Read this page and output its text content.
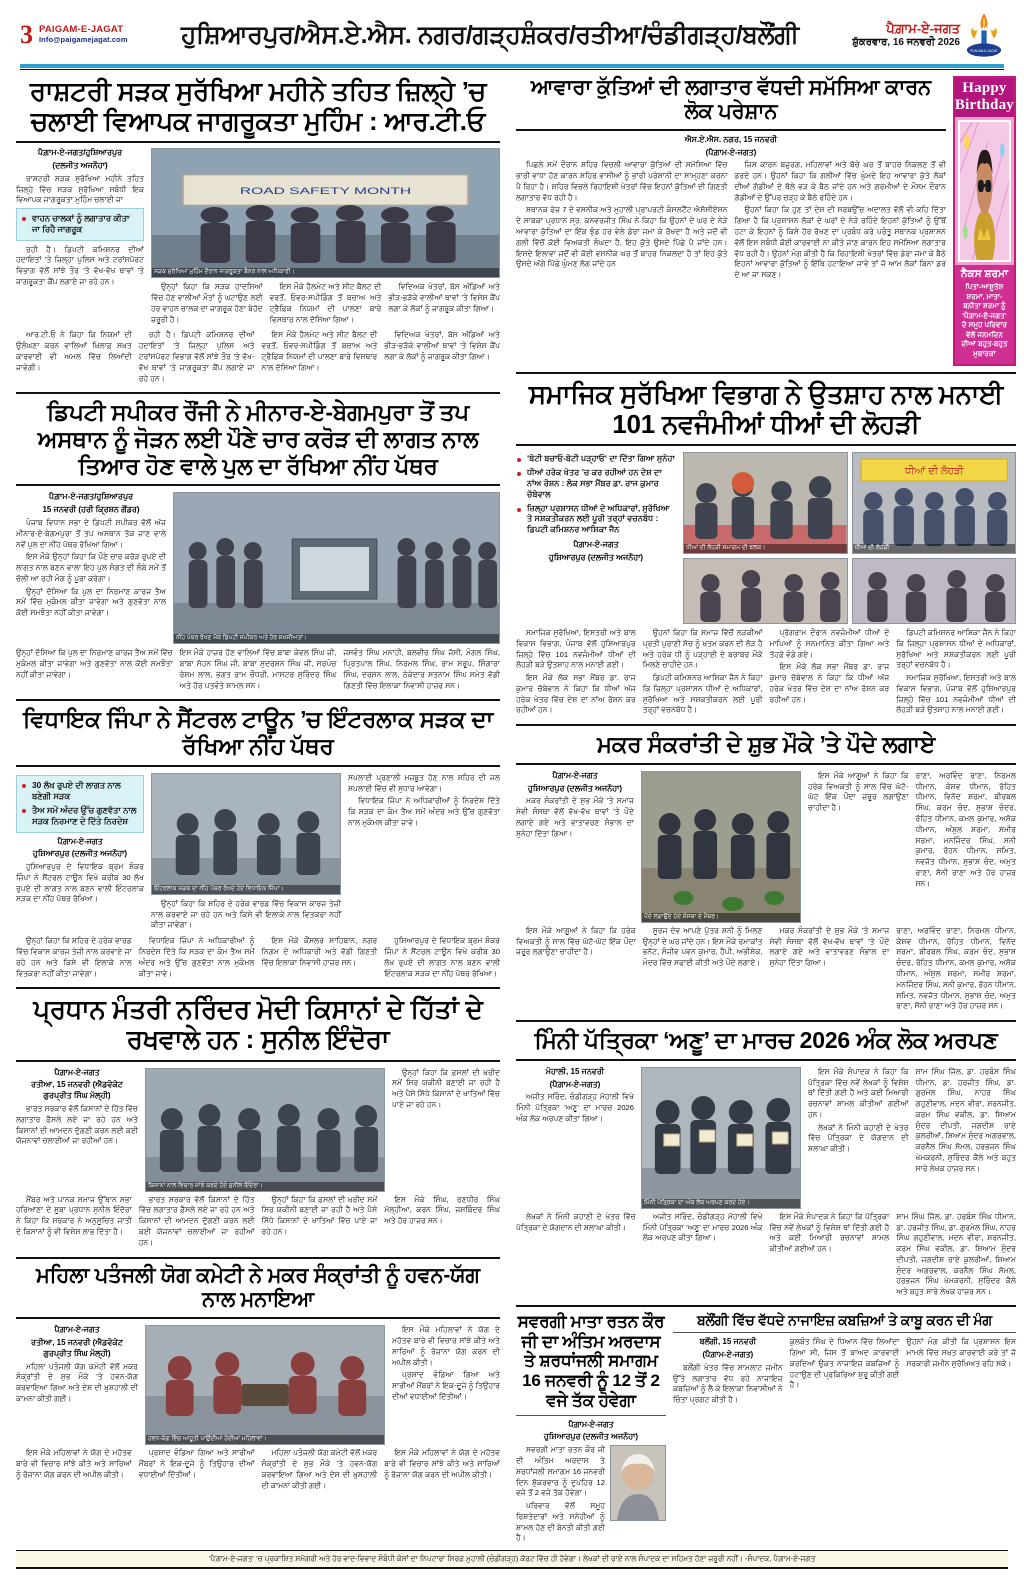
3 PAIGAM-E-JAGAT
Info@paigamejagat.com	ਹੁਸ਼ਿਆਰਪੁਰ/ਐਸ.ਏ.ਐਸ. ਨਗਰ/ਗੜ੍ਹਸ਼ੰਕਰ/ਰਤੀਆ/ਚੰਡੀਗੜ੍ਹ/ਬਲੌਂਗੀ	ਪੈਗ਼ਾਮ-ਏ-ਜਗਤ
ਸ਼ੁੱਕਰਵਾਰ, 16 ਜਨਵਰੀ 2026
PUNJAB-E-JAGAT
ਰਾਸ਼ਟਰੀ ਸੜਕ ਸੁਰੱਖਿਆ ਮਹੀਨੇ ਤਹਿਤ ਜ਼ਿਲ੍ਹੇ ’ਚ ਚਲਾਈ ਵਿਆਪਕ ਜਾਗਰੂਕਤਾ ਮੁਹਿੰਮ : ਆਰ.ਟੀ.ਓ
ਪੈਗ਼ਾਮ-ਏ-ਜਗਤ/ਹੁਸ਼ਿਆਰਪੁਰ
(ਦਲਜੀਤ ਅਜਨੌਹਾ)

ਰਾਸ਼ਟਰੀ ਸੜਕ ਸੁਰੱਖਿਆ ਮਹੀਨੇ ਤਹਿਤ ਜ਼ਿਲ੍ਹੇ ਵਿੱਚ ਸੜਕ ਸੁਰੱਖਿਆ ਸਬੰਧੀ ਇਕ ਵਿਆਪਕ ਜਾਗਰੂਕਤਾ ਮੁਹਿੰਮ ਚਲਾਈ ਜਾ

ਵਾਹਨ ਚਾਲਕਾਂ ਨੂੰ ਲਗਾਤਾਰ ਕੀਤਾ ਜਾ ਰਿਹੈ ਜਾਗਰੂਕ

ਰਹੀ ਹੈ। ਡਿਪਟੀ ਕਮਿਸ਼ਨਰ ਦੀਆਂ ਹਦਾਇਤਾਂ ’ਤੇ ਜ਼ਿਲ੍ਹਾ ਪੁਲਿਸ ਅਤੇ ਟਰਾਂਸਪੋਰਟ ਵਿਭਾਗ ਵੱਲੋਂ ਸਾਂਝੇ ਤੌਰ ’ਤੇ ਵੱਖ-ਵੱਖ ਥਾਵਾਂ ’ਤੇ ਜਾਗਰੂਕਤਾ ਕੈਂਪ ਲਗਾਏ ਜਾ ਰਹੇ ਹਨ।

ROAD SAFETY MONTH
ਸੜਕ ਸੁਰੱਖਿਆ ਮੁਹਿੰਮ ਦੌਰਾਨ ਜਾਗਰੂਕਤਾ ਬੈਨਰ ਨਾਲ ਅਧਿਕਾਰੀ।

ਉਨ੍ਹਾਂ ਕਿਹਾ ਕਿ ਸੜਕ ਹਾਦਸਿਆਂ ਵਿੱਚ ਹੋਣ ਵਾਲੀਆਂ ਮੌਤਾਂ ਨੂੰ ਘਟਾਉਣ ਲਈ ਹਰ ਵਾਹਨ ਚਾਲਕ ਦਾ ਜਾਗਰੂਕ ਹੋਣਾ ਬੇਹੱਦ ਜ਼ਰੂਰੀ ਹੈ।

ਇਸ ਮੌਕੇ ਹੈਲਮੇਟ ਅਤੇ ਸੀਟ ਬੈਲਟ ਦੀ ਵਰਤੋਂ, ਓਵਰ-ਸਪੀਡਿੰਗ ਤੋਂ ਬਚਾਅ ਅਤੇ ਟ੍ਰੈਫਿਕ ਨਿਯਮਾਂ ਦੀ ਪਾਲਣਾ ਬਾਰੇ ਵਿਸਥਾਰ ਨਾਲ ਦੱਸਿਆ ਗਿਆ।

ਵਿਦਿਅਕ ਖੇਤਰਾਂ, ਬੱਸ ਅੱਡਿਆਂ ਅਤੇ ਭੀੜ-ਭੜੱਕੇ ਵਾਲੀਆਂ ਥਾਵਾਂ ’ਤੇ ਵਿਸ਼ੇਸ਼ ਕੈਂਪ ਲਗਾ ਕੇ ਲੋਕਾਂ ਨੂੰ ਜਾਗਰੂਕ ਕੀਤਾ ਗਿਆ।

ਆਰ.ਟੀ.ਓ ਨੇ ਕਿਹਾ ਕਿ ਨਿਯਮਾਂ ਦੀ ਉਲੰਘਣਾ ਕਰਨ ਵਾਲਿਆਂ ਖ਼ਿਲਾਫ਼ ਸਖ਼ਤ ਕਾਰਵਾਈ ਵੀ ਅਮਲ ਵਿੱਚ ਲਿਆਂਦੀ ਜਾਵੇਗੀ।

ਰਹੀ ਹੈ। ਡਿਪਟੀ ਕਮਿਸ਼ਨਰ ਦੀਆਂ ਹਦਾਇਤਾਂ ’ਤੇ ਜ਼ਿਲ੍ਹਾ ਪੁਲਿਸ ਅਤੇ ਟਰਾਂਸਪੋਰਟ ਵਿਭਾਗ ਵੱਲੋਂ ਸਾਂਝੇ ਤੌਰ ’ਤੇ ਵੱਖ-ਵੱਖ ਥਾਵਾਂ ’ਤੇ ਜਾਗਰੂਕਤਾ ਕੈਂਪ ਲਗਾਏ ਜਾ ਰਹੇ ਹਨ।

ਇਸ ਮੌਕੇ ਹੈਲਮੇਟ ਅਤੇ ਸੀਟ ਬੈਲਟ ਦੀ ਵਰਤੋਂ, ਓਵਰ-ਸਪੀਡਿੰਗ ਤੋਂ ਬਚਾਅ ਅਤੇ ਟ੍ਰੈਫਿਕ ਨਿਯਮਾਂ ਦੀ ਪਾਲਣਾ ਬਾਰੇ ਵਿਸਥਾਰ ਨਾਲ ਦੱਸਿਆ ਗਿਆ।

ਵਿਦਿਅਕ ਖੇਤਰਾਂ, ਬੱਸ ਅੱਡਿਆਂ ਅਤੇ ਭੀੜ-ਭੜੱਕੇ ਵਾਲੀਆਂ ਥਾਵਾਂ ’ਤੇ ਵਿਸ਼ੇਸ਼ ਕੈਂਪ ਲਗਾ ਕੇ ਲੋਕਾਂ ਨੂੰ ਜਾਗਰੂਕ ਕੀਤਾ ਗਿਆ।

ਡਿਪਟੀ ਸਪੀਕਰ ਰੌਂਜੀ ਨੇ ਮੀਨਾਰ-ਏ-ਬੇਗਮਪੁਰਾ ਤੋਂ ਤਪ ਅਸਥਾਨ ਨੂੰ ਜੋੜਨ ਲਈ ਪੌਣੇ ਚਾਰ ਕਰੋੜ ਦੀ ਲਾਗਤ ਨਾਲ ਤਿਆਰ ਹੋਣ ਵਾਲੇ ਪੁਲ ਦਾ ਰੱਖਿਆ ਨੀਂਹ ਪੱਥਰ
ਪੈਗ਼ਾਮ-ਏ-ਜਗਤ/ਹੁਸ਼ਿਆਰਪੁਰ
15 ਜਨਵਰੀ (ਹਰੀ ਕ੍ਰਿਸ਼ਨ ਗੌਂਡਰ)

ਪੰਜਾਬ ਵਿਧਾਨ ਸਭਾ ਦੇ ਡਿਪਟੀ ਸਪੀਕਰ ਵੱਲੋਂ ਅੱਜ ਮੀਨਾਰ-ਏ-ਬੇਗਮਪੁਰਾ ਤੋਂ ਤਪ ਅਸਥਾਨ ਤੱਕ ਜਾਣ ਵਾਲੇ ਨਵੇਂ ਪੁਲ ਦਾ ਨੀਂਹ ਪੱਥਰ ਰੱਖਿਆ ਗਿਆ।

ਇਸ ਮੌਕੇ ਉਨ੍ਹਾਂ ਕਿਹਾ ਕਿ ਪੌਣੇ ਚਾਰ ਕਰੋੜ ਰੁਪਏ ਦੀ ਲਾਗਤ ਨਾਲ ਬਣਨ ਵਾਲਾ ਇਹ ਪੁਲ ਸੰਗਤ ਦੀ ਲੰਬੇ ਸਮੇਂ ਤੋਂ ਚੱਲੀ ਆ ਰਹੀ ਮੰਗ ਨੂੰ ਪੂਰਾ ਕਰੇਗਾ।

ਉਨ੍ਹਾਂ ਦੱਸਿਆ ਕਿ ਪੁਲ ਦਾ ਨਿਰਮਾਣ ਕਾਰਜ ਤੈਅ ਸਮੇਂ ਵਿੱਚ ਮੁਕੰਮਲ ਕੀਤਾ ਜਾਵੇਗਾ ਅਤੇ ਗੁਣਵੱਤਾ ਨਾਲ ਕੋਈ ਸਮਝੌਤਾ ਨਹੀਂ ਕੀਤਾ ਜਾਵੇਗਾ।

ਨੀਂਹ ਪੱਥਰ ਰੱਖਣ ਮੌਕੇ ਡਿਪਟੀ ਸਪੀਕਰ ਅਤੇ ਹੋਰ ਸ਼ਖ਼ਸੀਅਤਾਂ।

ਉਨ੍ਹਾਂ ਦੱਸਿਆ ਕਿ ਪੁਲ ਦਾ ਨਿਰਮਾਣ ਕਾਰਜ ਤੈਅ ਸਮੇਂ ਵਿੱਚ ਮੁਕੰਮਲ ਕੀਤਾ ਜਾਵੇਗਾ ਅਤੇ ਗੁਣਵੱਤਾ ਨਾਲ ਕੋਈ ਸਮਝੌਤਾ ਨਹੀਂ ਕੀਤਾ ਜਾਵੇਗਾ।

ਇਸ ਮੌਕੇ ਹਾਜ਼ਰ ਹੋਣ ਵਾਲਿਆਂ ਵਿੱਚ ਬਾਬਾ ਕੇਵਲ ਸਿੰਘ ਜੀ, ਬਾਬਾ ਸੋਹਨ ਸਿੰਘ ਜੀ, ਬਾਬਾ ਸੁਦਰਸ਼ਨ ਸਿੰਘ ਜੀ, ਸਰਪੰਚ ਰੇਸ਼ਮ ਲਾਲ, ਭਗਤ ਰਾਮ ਚੌਧਰੀ, ਮਾਸਟਰ ਸੁਰਿੰਦਰ ਸਿੰਘ ਅਤੇ ਹੋਰ ਪਤਵੰਤੇ ਸ਼ਾਮਲ ਸਨ।

ਜਸਵੰਤ ਸਿੰਘ ਮਨਾਹੀ, ਬਲਵੀਰ ਸਿੰਘ ਜੱਸੀ, ਮੰਗਲ ਸਿੰਘ, ਪ੍ਰਿਤਪਾਲ ਸਿੰਘ, ਨਿਰਮਲ ਸਿੰਘ, ਰਾਮ ਸਰੂਪ, ਸ਼ਿੰਗਾਰਾ ਸਿੰਘ, ਦਰਸ਼ਨ ਲਾਲ, ਠੇਕੇਦਾਰ ਸਤਨਾਮ ਸਿੰਘ ਸਮੇਤ ਵੱਡੀ ਗਿਣਤੀ ਵਿੱਚ ਇਲਾਕਾ ਨਿਵਾਸੀ ਹਾਜ਼ਰ ਸਨ।

ਵਿਧਾਇਕ ਜਿੰਪਾ ਨੇ ਸੈਂਟਰਲ ਟਾਊਨ ’ਚ ਇੰਟਰਲਾਕ ਸੜਕ ਦਾ ਰੱਖਿਆ ਨੀਂਹ ਪੱਥਰ
30 ਲੱਖ ਰੁਪਏ ਦੀ ਲਾਗਤ ਨਾਲ ਬਣੇਗੀ ਸੜਕ
ਤੈਅ ਸਮੇਂ ਅੰਦਰ ਉੱਚ ਗੁਣਵੱਤਾ ਨਾਲ ਸੜਕ ਨਿਰਮਾਣ ਦੇ ਦਿੱਤੇ ਨਿਰਦੇਸ਼
ਪੈਗ਼ਾਮ-ਏ-ਜਗਤ
ਹੁਸ਼ਿਆਰਪੁਰ (ਦਲਜੀਤ ਅਜਨੌਹਾ)

ਹੁਸ਼ਿਆਰਪੁਰ ਦੇ ਵਿਧਾਇਕ ਬ੍ਰਮ ਸ਼ੰਕਰ ਜਿੰਪਾ ਨੇ ਸੈਂਟਰਲ ਟਾਊਨ ਵਿਖੇ ਕਰੀਬ 30 ਲੱਖ ਰੁਪਏ ਦੀ ਲਾਗਤ ਨਾਲ ਬਣਨ ਵਾਲੀ ਇੰਟਰਲਾਕ ਸੜਕ ਦਾ ਨੀਂਹ ਪੱਥਰ ਰੱਖਿਆ।

ਇੰਟਰਲਾਕ ਸੜਕ ਦਾ ਨੀਂਹ ਪੱਥਰ ਰੱਖਦੇ ਹੋਏ ਵਿਧਾਇਕ ਜਿੰਪਾ।

ਉਨ੍ਹਾਂ ਕਿਹਾ ਕਿ ਸ਼ਹਿਰ ਦੇ ਹਰੇਕ ਵਾਰਡ ਵਿੱਚ ਵਿਕਾਸ ਕਾਰਜ ਤੇਜ਼ੀ ਨਾਲ ਕਰਵਾਏ ਜਾ ਰਹੇ ਹਨ ਅਤੇ ਕਿਸੇ ਵੀ ਇਲਾਕੇ ਨਾਲ ਵਿਤਕਰਾ ਨਹੀਂ ਕੀਤਾ ਜਾਵੇਗਾ।

ਸਪਲਾਈ ਪ੍ਰਣਾਲੀ ਮਜ਼ਬੂਤ ਹੋਣ ਨਾਲ ਸ਼ਹਿਰ ਦੀ ਜਲ ਸਪਲਾਈ ਵਿੱਚ ਵੀ ਸੁਧਾਰ ਆਵੇਗਾ।

ਵਿਧਾਇਕ ਜਿੰਪਾ ਨੇ ਅਧਿਕਾਰੀਆਂ ਨੂੰ ਨਿਰਦੇਸ਼ ਦਿੱਤੇ ਕਿ ਸੜਕ ਦਾ ਕੰਮ ਤੈਅ ਸਮੇਂ ਅੰਦਰ ਅਤੇ ਉੱਚ ਗੁਣਵੱਤਾ ਨਾਲ ਮੁਕੰਮਲ ਕੀਤਾ ਜਾਵੇ।

ਉਨ੍ਹਾਂ ਕਿਹਾ ਕਿ ਸ਼ਹਿਰ ਦੇ ਹਰੇਕ ਵਾਰਡ ਵਿੱਚ ਵਿਕਾਸ ਕਾਰਜ ਤੇਜ਼ੀ ਨਾਲ ਕਰਵਾਏ ਜਾ ਰਹੇ ਹਨ ਅਤੇ ਕਿਸੇ ਵੀ ਇਲਾਕੇ ਨਾਲ ਵਿਤਕਰਾ ਨਹੀਂ ਕੀਤਾ ਜਾਵੇਗਾ।

ਵਿਧਾਇਕ ਜਿੰਪਾ ਨੇ ਅਧਿਕਾਰੀਆਂ ਨੂੰ ਨਿਰਦੇਸ਼ ਦਿੱਤੇ ਕਿ ਸੜਕ ਦਾ ਕੰਮ ਤੈਅ ਸਮੇਂ ਅੰਦਰ ਅਤੇ ਉੱਚ ਗੁਣਵੱਤਾ ਨਾਲ ਮੁਕੰਮਲ ਕੀਤਾ ਜਾਵੇ।

ਇਸ ਮੌਕੇ ਕੌਂਸਲਰ ਸਾਹਿਬਾਨ, ਨਗਰ ਨਿਗਮ ਦੇ ਅਧਿਕਾਰੀ ਅਤੇ ਵੱਡੀ ਗਿਣਤੀ ਵਿੱਚ ਇਲਾਕਾ ਨਿਵਾਸੀ ਹਾਜ਼ਰ ਸਨ।

ਹੁਸ਼ਿਆਰਪੁਰ ਦੇ ਵਿਧਾਇਕ ਬ੍ਰਮ ਸ਼ੰਕਰ ਜਿੰਪਾ ਨੇ ਸੈਂਟਰਲ ਟਾਊਨ ਵਿਖੇ ਕਰੀਬ 30 ਲੱਖ ਰੁਪਏ ਦੀ ਲਾਗਤ ਨਾਲ ਬਣਨ ਵਾਲੀ ਇੰਟਰਲਾਕ ਸੜਕ ਦਾ ਨੀਂਹ ਪੱਥਰ ਰੱਖਿਆ।

ਪ੍ਰਧਾਨ ਮੰਤਰੀ ਨਰਿੰਦਰ ਮੋਦੀ ਕਿਸਾਨਾਂ ਦੇ ਹਿੱਤਾਂ ਦੇ ਰਖਵਾਲੇ ਹਨ : ਸੁਨੀਲ ਇੰਦੋਰਾ
ਪੈਗ਼ਾਮ-ਏ-ਜਗਤ
ਰਤੀਆ, 15 ਜਨਵਰੀ (ਐਡਵੋਕੇਟ ਗੁਰਪ੍ਰੀਤ ਸਿੰਘ ਮੱਲ੍ਹੀ)

ਭਾਰਤ ਸਰਕਾਰ ਵੱਲੋਂ ਕਿਸਾਨਾਂ ਦੇ ਹਿੱਤ ਵਿੱਚ ਲਗਾਤਾਰ ਫ਼ੈਸਲੇ ਲਏ ਜਾ ਰਹੇ ਹਨ ਅਤੇ ਕਿਸਾਨਾਂ ਦੀ ਆਮਦਨ ਦੁੱਗਣੀ ਕਰਨ ਲਈ ਕਈ ਯੋਜਨਾਵਾਂ ਚਲਾਈਆਂ ਜਾ ਰਹੀਆਂ ਹਨ।

ਕਿਸਾਨਾਂ ਨਾਲ ਵਿਚਾਰ ਸਾਂਝੇ ਕਰਦੇ ਹੋਏ ਸੁਨੀਲ ਇੰਦੋਰਾ।

ਉਨ੍ਹਾਂ ਕਿਹਾ ਕਿ ਫ਼ਸਲਾਂ ਦੀ ਖ਼ਰੀਦ ਸਮੇਂ ਸਿਰ ਯਕੀਨੀ ਬਣਾਈ ਜਾ ਰਹੀ ਹੈ ਅਤੇ ਪੈਸੇ ਸਿੱਧੇ ਕਿਸਾਨਾਂ ਦੇ ਖਾਤਿਆਂ ਵਿੱਚ ਪਾਏ ਜਾ ਰਹੇ ਹਨ।

ਮੈਂਬਰ ਅਤੇ ਪਾਨਕ ਸਮਾਜ ਉੱਥਾਨ ਸਭਾ ਹਰਿਆਣਾ ਦੇ ਸੂਬਾ ਪ੍ਰਧਾਨ ਸੁਨੀਲ ਇੰਦੋਰਾ ਨੇ ਕਿਹਾ ਕਿ ਸਰਕਾਰ ਨੇ ਅਨੁਸੂਚਿਤ ਜਾਤੀ ਦੇ ਕਿਸਾਨਾਂ ਨੂੰ ਵੀ ਵਿਸ਼ੇਸ਼ ਲਾਭ ਦਿੱਤਾ ਹੈ।

ਭਾਰਤ ਸਰਕਾਰ ਵੱਲੋਂ ਕਿਸਾਨਾਂ ਦੇ ਹਿੱਤ ਵਿੱਚ ਲਗਾਤਾਰ ਫ਼ੈਸਲੇ ਲਏ ਜਾ ਰਹੇ ਹਨ ਅਤੇ ਕਿਸਾਨਾਂ ਦੀ ਆਮਦਨ ਦੁੱਗਣੀ ਕਰਨ ਲਈ ਕਈ ਯੋਜਨਾਵਾਂ ਚਲਾਈਆਂ ਜਾ ਰਹੀਆਂ ਹਨ।

ਉਨ੍ਹਾਂ ਕਿਹਾ ਕਿ ਫ਼ਸਲਾਂ ਦੀ ਖ਼ਰੀਦ ਸਮੇਂ ਸਿਰ ਯਕੀਨੀ ਬਣਾਈ ਜਾ ਰਹੀ ਹੈ ਅਤੇ ਪੈਸੇ ਸਿੱਧੇ ਕਿਸਾਨਾਂ ਦੇ ਖਾਤਿਆਂ ਵਿੱਚ ਪਾਏ ਜਾ ਰਹੇ ਹਨ।

ਇਸ ਮੌਕੇ ਸਿੰਘ, ਰਣਧੀਰ ਸਿੰਘ ਮੱਲ੍ਹੀਆ, ਕਰਨ ਸਿੰਘ, ਜਸਬਿੰਦਰ ਸਿੰਘ ਅਤੇ ਹੋਰ ਹਾਜ਼ਰ ਸਨ।

ਮਹਿਲਾ ਪਤੰਜਲੀ ਯੋਗ ਕਮੇਟੀ ਨੇ ਮਕਰ ਸੰਕ੍ਰਾਂਤੀ ਨੂੰ ਹਵਨ-ਯੱਗ ਨਾਲ ਮਨਾਇਆ
ਪੈਗ਼ਾਮ-ਏ-ਜਗਤ
ਰਤੀਆ, 15 ਜਨਵਰੀ (ਐਡਵੋਕੇਟ ਗੁਰਪ੍ਰੀਤ ਸਿੰਘ ਮੱਲ੍ਹੀ)

ਮਹਿਲਾ ਪਤੰਜਲੀ ਯੋਗ ਕਮੇਟੀ ਵੱਲੋਂ ਮਕਰ ਸੰਕ੍ਰਾਂਤੀ ਦੇ ਸ਼ੁਭ ਮੌਕੇ ’ਤੇ ਹਵਨ-ਯੱਗ ਕਰਵਾਇਆ ਗਿਆ ਅਤੇ ਦੇਸ਼ ਦੀ ਖ਼ੁਸ਼ਹਾਲੀ ਦੀ ਕਾਮਨਾ ਕੀਤੀ ਗਈ।

ਹਵਨ-ਯੱਗ ਵਿੱਚ ਆਹੂਤੀ ਪਾਉਂਦੀਆਂ ਹੋਈਆਂ ਮਹਿਲਾਵਾਂ।

ਇਸ ਮੌਕੇ ਮਹਿਲਾਵਾਂ ਨੇ ਯੋਗ ਦੇ ਮਹੱਤਵ ਬਾਰੇ ਵੀ ਵਿਚਾਰ ਸਾਂਝੇ ਕੀਤੇ ਅਤੇ ਸਾਰਿਆਂ ਨੂੰ ਰੋਜ਼ਾਨਾ ਯੋਗ ਕਰਨ ਦੀ ਅਪੀਲ ਕੀਤੀ।

ਪ੍ਰਸ਼ਾਦ ਵੰਡਿਆ ਗਿਆ ਅਤੇ ਸਾਰੀਆਂ ਮੈਂਬਰਾਂ ਨੇ ਇਕ-ਦੂਜੇ ਨੂੰ ਤਿਉਹਾਰ ਦੀਆਂ ਵਧਾਈਆਂ ਦਿੱਤੀਆਂ।

ਇਸ ਮੌਕੇ ਮਹਿਲਾਵਾਂ ਨੇ ਯੋਗ ਦੇ ਮਹੱਤਵ ਬਾਰੇ ਵੀ ਵਿਚਾਰ ਸਾਂਝੇ ਕੀਤੇ ਅਤੇ ਸਾਰਿਆਂ ਨੂੰ ਰੋਜ਼ਾਨਾ ਯੋਗ ਕਰਨ ਦੀ ਅਪੀਲ ਕੀਤੀ।

ਪ੍ਰਸ਼ਾਦ ਵੰਡਿਆ ਗਿਆ ਅਤੇ ਸਾਰੀਆਂ ਮੈਂਬਰਾਂ ਨੇ ਇਕ-ਦੂਜੇ ਨੂੰ ਤਿਉਹਾਰ ਦੀਆਂ ਵਧਾਈਆਂ ਦਿੱਤੀਆਂ।

ਮਹਿਲਾ ਪਤੰਜਲੀ ਯੋਗ ਕਮੇਟੀ ਵੱਲੋਂ ਮਕਰ ਸੰਕ੍ਰਾਂਤੀ ਦੇ ਸ਼ੁਭ ਮੌਕੇ ’ਤੇ ਹਵਨ-ਯੱਗ ਕਰਵਾਇਆ ਗਿਆ ਅਤੇ ਦੇਸ਼ ਦੀ ਖ਼ੁਸ਼ਹਾਲੀ ਦੀ ਕਾਮਨਾ ਕੀਤੀ ਗਈ।

ਇਸ ਮੌਕੇ ਮਹਿਲਾਵਾਂ ਨੇ ਯੋਗ ਦੇ ਮਹੱਤਵ ਬਾਰੇ ਵੀ ਵਿਚਾਰ ਸਾਂਝੇ ਕੀਤੇ ਅਤੇ ਸਾਰਿਆਂ ਨੂੰ ਰੋਜ਼ਾਨਾ ਯੋਗ ਕਰਨ ਦੀ ਅਪੀਲ ਕੀਤੀ।

ਆਵਾਰਾ ਕੁੱਤਿਆਂ ਦੀ ਲਗਾਤਾਰ ਵੱਧਦੀ ਸਮੱਸਿਆ ਕਾਰਨ ਲੋਕ ਪਰੇਸ਼ਾਨ
ਐਸ.ਏ.ਐਸ. ਨਗਰ, 15 ਜਨਵਰੀ
(ਪੈਗ਼ਾਮ-ਏ-ਜਗਤ)

ਪਿਛਲੇ ਸਮੇਂ ਦੌਰਾਨ ਸ਼ਹਿਰ ਵਿਚਲੀ ਆਵਾਰਾ ਕੁੱਤਿਆਂ ਦੀ ਸਮੱਸਿਆ ਵਿੱਚ ਭਾਰੀ ਵਾਧਾ ਹੋਣ ਕਾਰਨ ਸ਼ਹਿਰ ਵਾਸੀਆਂ ਨੂੰ ਭਾਰੀ ਪਰੇਸ਼ਾਨੀ ਦਾ ਸਾਮ੍ਹਣਾ ਕਰਨਾ ਪੈ ਰਿਹਾ ਹੈ। ਸ਼ਹਿਰ ਵਿਚਲੇ ਰਿਹਾਇਸ਼ੀ ਖੇਤਰਾਂ ਵਿੱਚ ਇਹਨਾਂ ਕੁੱਤਿਆਂ ਦੀ ਗਿਣਤੀ ਲਗਾਤਾਰ ਵੱਧ ਰਹੀ ਹੈ।

ਸਥਾਨਕ ਫੇਜ਼ 7 ਦੇ ਵਸਨੀਕ ਅਤੇ ਮੁਹਾਲੀ ਪ੍ਰਾਪਰਟੀ ਕੰਸਲਟੈਂਟ ਐਸੋਸੀਏਸ਼ਨ ਦੇ ਸਾਬਕਾ ਪ੍ਰਧਾਨ ਸ੍ਰ. ਕਨਵਰਜੀਤ ਸਿੰਘ ਨੇ ਕਿਹਾ ਕਿ ਉਹਨਾਂ ਦੇ ਘਰ ਦੇ ਨੇੜੇ ਆਵਾਰਾ ਕੁੱਤਿਆਂ ਦਾ ਇੱਕ ਝੁੰਡ ਹਰ ਵੇਲੇ ਡੇਰਾ ਜਮਾ ਕੇ ਰੱਖਦਾ ਹੈ ਅਤੇ ਜਦੋਂ ਵੀ ਗਲੀ ਵਿੱਚੋਂ ਕੋਈ ਵਿਅਕਤੀ ਲੰਘਦਾ ਹੈ, ਇਹ ਕੁੱਤੇ ਉਸਦੇ ਪਿੱਛੇ ਪੈ ਜਾਂਦੇ ਹਨ। ਇਸਦੇ ਇਲਾਵਾ ਜਦੋਂ ਵੀ ਕੋਈ ਵਸਨੀਕ ਘਰ ਤੋਂ ਬਾਹਰ ਨਿਕਲਦਾ ਹੈ ਤਾਂ ਇਹ ਕੁੱਤੇ ਉਸਦੇ ਅੱਗੇ ਪਿੱਛੇ ਘੁੰਮਣ ਲੱਗ ਜਾਂਦੇ ਹਨ

ਜਿਸ ਕਾਰਨ ਬਜ਼ੁਰਗ, ਮਹਿਲਾਵਾਂ ਅਤੇ ਬੱਚੇ ਘਰ ਤੋਂ ਬਾਹਰ ਨਿਕਲਣ ਤੋਂ ਵੀ ਡਰਦੇ ਹਨ। ਉਹਨਾਂ ਕਿਹਾ ਕਿ ਗਲੀਆਂ ਵਿੱਚ ਘੁੰਮਦੇ ਇਹ ਆਵਾਰਾ ਕੁੱਤੇ ਲੋਕਾਂ ਦੀਆਂ ਗੱਡੀਆਂ ਦੇ ਥੱਲੇ ਵੜ ਕੇ ਬੈਠ ਜਾਂਦੇ ਹਨ ਅਤੇ ਗਰਮੀਆਂ ਦੇ ਮੌਸਮ ਦੌਰਾਨ ਗੱਡੀਆਂ ਦੇ ਉੱਪਰ ਚੜ੍ਹ ਕੇ ਬੈਠੇ ਰਹਿੰਦੇ ਹਨ।

ਉਹਨਾਂ ਕਿਹਾ ਕਿ ਹੁਣ ਤਾਂ ਦੇਸ਼ ਦੀ ਸਰਬਉੱਚ ਅਦਾਲਤ ਵੱਲੋਂ ਵੀ ਕਹਿ ਦਿੱਤਾ ਗਿਆ ਹੈ ਕਿ ਪ੍ਰਸ਼ਾਸਨ ਲੋਕਾਂ ਦੇ ਘਰਾਂ ਦੇ ਨੇੜੇ ਰਹਿੰਦੇ ਇਹਨਾਂ ਕੁੱਤਿਆਂ ਨੂੰ ਉੱਥੋਂ ਹਟਾ ਕੇ ਇਹਨਾਂ ਨੂੰ ਕਿਸੇ ਹੋਰ ਰੱਖਣ ਦਾ ਪ੍ਰਬੰਧ ਕਰੇ ਪਰੰਤੂ ਸਥਾਨਕ ਪ੍ਰਸ਼ਾਸਨ ਵੱਲੋਂ ਇਸ ਸਬੰਧੀ ਕੋਈ ਕਾਰਵਾਈ ਨਾ ਕੀਤੇ ਜਾਣ ਕਾਰਨ ਇਹ ਸਮੱਸਿਆ ਲਗਾਤਾਰ ਵੱਧ ਰਹੀ ਹੈ। ਉਹਨਾਂ ਮੰਗ ਕੀਤੀ ਹੈ ਕਿ ਰਿਹਾਇਸ਼ੀ ਖੇਤਰਾਂ ਵਿੱਚ ਡੇਰਾ ਜਮਾ ਕੇ ਬੈਠੇ ਇਹਨਾਂ ਆਵਾਰਾ ਕੁੱਤਿਆਂ ਨੂੰ ਇੱਥਿ ਹਟਾਇਆ ਜਾਵੇ ਤਾਂ ਜੋ ਆਮ ਲੋਕਾਂ ਬਿਨਾ ਡਰ ਦੇ ਆ ਜਾ ਸਕਣ।

Happy Birthday
ਨੈਕਸ ਸ਼ਰਮਾ
ਪਿਤਾ-ਆਸ਼ੂਤੋਸ਼ ਸ਼ਰਮਾ, ਮਾਤਾ-ਬਨੀਤਾ ਸ਼ਰਮਾ ਨੂੰ ‘ਪੈਗ਼ਾਮ-ਏ-ਜਗਤ‘ ਦੇ ਸਮੂਹ ਪਰਿਵਾਰ ਵੱਲੋਂ ਜਨਮਦਿਨ ਦੀਆਂ ਬਹੁਤ-ਬਹੁਤ ਮੁਬਾਰਕਾਂ
ਸਮਾਜਿਕ ਸੁਰੱਖਿਆ ਵਿਭਾਗ ਨੇ ਉਤਸ਼ਾਹ ਨਾਲ ਮਨਾਈ 101 ਨਵਜੰਮੀਆਂ ਧੀਆਂ ਦੀ ਲੋਹੜੀ
‘ਬੇਟੀ ਬਚਾਓ-ਬੇਟੀ ਪੜ੍ਹਾਓ‘ ਦਾ ਦਿੱਤਾ ਗਿਆ ਸੁਨੇਹਾ
ਧੀਆਂ ਹਰੇਕ ਖੇਤਰ ’ਚ ਕਰ ਰਹੀਆਂ ਹਨ ਦੇਸ਼ ਦਾ ਨਾਂਅ ਰੋਸ਼ਨ : ਲੋਕ ਸਭਾ ਮੈਂਬਰ ਡਾ. ਰਾਜ ਕੁਮਾਰ ਚੱਬੇਵਾਲ
ਜ਼ਿਲ੍ਹਾ ਪ੍ਰਸ਼ਾਸਨ ਧੀਆਂ ਦੇ ਅਧਿਕਾਰਾਂ, ਸੁਰੱਖਿਆ ਤੇ ਸਸ਼ਕਤੀਕਰਨ ਲਈ ਪੂਰੀ ਤਰ੍ਹਾਂ ਵਚਨਬੱਧ : ਡਿਪਟੀ ਕਮਿਸ਼ਨਰ ਆਸ਼ਿਕਾ ਜੈਨ
ਪੈਗ਼ਾਮ-ਏ-ਜਗਤ
ਹੁਸ਼ਿਆਰਪੁਰ (ਦਲਜੀਤ ਅਜਨੌਹਾ)
ਧੀਆਂ ਦੀ ਲੋਹੜੀ ਸਮਾਗਮ ਦੀ ਝਲਕ।
ਧੀਆਂ ਦੀ ਲੋਹੜੀ
ਧੀਆਂ ਦੀ ਲੋਹੜੀ

ਸਮਾਜਿਕ ਸੁਰੱਖਿਆ, ਇਸਤਰੀ ਅਤੇ ਬਾਲ ਵਿਕਾਸ ਵਿਭਾਗ, ਪੰਜਾਬ ਵੱਲੋਂ ਹੁਸ਼ਿਆਰਪੁਰ ਜ਼ਿਲ੍ਹੇ ਵਿੱਚ 101 ਨਵਜੰਮੀਆਂ ਧੀਆਂ ਦੀ ਲੋਹੜੀ ਬੜੇ ਉਤਸ਼ਾਹ ਨਾਲ ਮਨਾਈ ਗਈ।

ਇਸ ਮੌਕੇ ਲੋਕ ਸਭਾ ਮੈਂਬਰ ਡਾ. ਰਾਜ ਕੁਮਾਰ ਚੱਬੇਵਾਲ ਨੇ ਕਿਹਾ ਕਿ ਧੀਆਂ ਅੱਜ ਹਰੇਕ ਖੇਤਰ ਵਿੱਚ ਦੇਸ਼ ਦਾ ਨਾਂਅ ਰੋਸ਼ਨ ਕਰ ਰਹੀਆਂ ਹਨ।

ਉਹਨਾਂ ਕਿਹਾ ਕਿ ਸਮਾਜ ਵਿੱਚੋਂ ਲੜਕੀਆਂ ਪ੍ਰਤੀ ਪੁਰਾਣੀ ਸੋਚ ਨੂੰ ਖ਼ਤਮ ਕਰਨ ਦੀ ਲੋੜ ਹੈ ਅਤੇ ਹਰੇਕ ਧੀ ਨੂੰ ਪੜ੍ਹਾਈ ਦੇ ਬਰਾਬਰ ਮੌਕੇ ਮਿਲਣੇ ਚਾਹੀਦੇ ਹਨ।

ਡਿਪਟੀ ਕਮਿਸ਼ਨਰ ਆਸ਼ਿਕਾ ਜੈਨ ਨੇ ਕਿਹਾ ਕਿ ਜ਼ਿਲ੍ਹਾ ਪ੍ਰਸ਼ਾਸਨ ਧੀਆਂ ਦੇ ਅਧਿਕਾਰਾਂ, ਸੁਰੱਖਿਆ ਅਤੇ ਸਸ਼ਕਤੀਕਰਨ ਲਈ ਪੂਰੀ ਤਰ੍ਹਾਂ ਵਚਨਬੱਧ ਹੈ।

ਪ੍ਰੋਗਰਾਮ ਦੌਰਾਨ ਨਵਜੰਮੀਆਂ ਧੀਆਂ ਦੇ ਮਾਪਿਆਂ ਨੂੰ ਸਨਮਾਨਿਤ ਕੀਤਾ ਗਿਆ ਅਤੇ ਤੋਹਫ਼ੇ ਵੰਡੇ ਗਏ।

ਇਸ ਮੌਕੇ ਲੋਕ ਸਭਾ ਮੈਂਬਰ ਡਾ. ਰਾਜ ਕੁਮਾਰ ਚੱਬੇਵਾਲ ਨੇ ਕਿਹਾ ਕਿ ਧੀਆਂ ਅੱਜ ਹਰੇਕ ਖੇਤਰ ਵਿੱਚ ਦੇਸ਼ ਦਾ ਨਾਂਅ ਰੋਸ਼ਨ ਕਰ ਰਹੀਆਂ ਹਨ।

ਡਿਪਟੀ ਕਮਿਸ਼ਨਰ ਆਸ਼ਿਕਾ ਜੈਨ ਨੇ ਕਿਹਾ ਕਿ ਜ਼ਿਲ੍ਹਾ ਪ੍ਰਸ਼ਾਸਨ ਧੀਆਂ ਦੇ ਅਧਿਕਾਰਾਂ, ਸੁਰੱਖਿਆ ਅਤੇ ਸਸ਼ਕਤੀਕਰਨ ਲਈ ਪੂਰੀ ਤਰ੍ਹਾਂ ਵਚਨਬੱਧ ਹੈ।

ਸਮਾਜਿਕ ਸੁਰੱਖਿਆ, ਇਸਤਰੀ ਅਤੇ ਬਾਲ ਵਿਕਾਸ ਵਿਭਾਗ, ਪੰਜਾਬ ਵੱਲੋਂ ਹੁਸ਼ਿਆਰਪੁਰ ਜ਼ਿਲ੍ਹੇ ਵਿੱਚ 101 ਨਵਜੰਮੀਆਂ ਧੀਆਂ ਦੀ ਲੋਹੜੀ ਬੜੇ ਉਤਸ਼ਾਹ ਨਾਲ ਮਨਾਈ ਗਈ।

ਮਕਰ ਸੰਕਰਾਂਤੀ ਦੇ ਸ਼ੁਭ ਮੌਕੇ ’ਤੇ ਪੌਦੇ ਲਗਾਏ
ਪੈਗ਼ਾਮ-ਏ-ਜਗਤ
ਹੁਸ਼ਿਆਰਪੁਰ (ਦਲਜੀਤ ਅਜਨੌਹਾ)

ਮਕਰ ਸੰਕਰਾਂਤੀ ਦੇ ਸ਼ੁਭ ਮੌਕੇ ’ਤੇ ਸਮਾਜ ਸੇਵੀ ਸੰਸਥਾ ਵੱਲੋਂ ਵੱਖ-ਵੱਖ ਥਾਵਾਂ ’ਤੇ ਪੌਦੇ ਲਗਾਏ ਗਏ ਅਤੇ ਵਾਤਾਵਰਣ ਸੰਭਾਲ ਦਾ ਸੁਨੇਹਾ ਦਿੱਤਾ ਗਿਆ।

ਪੌਦੇ ਲਗਾਉਂਦੇ ਹੋਏ ਸੰਸਥਾ ਦੇ ਮੈਂਬਰ।

ਇਸ ਮੌਕੇ ਆਗੂਆਂ ਨੇ ਕਿਹਾ ਕਿ ਹਰੇਕ ਵਿਅਕਤੀ ਨੂੰ ਸਾਲ ਵਿੱਚ ਘੱਟੋ-ਘੱਟ ਇੱਕ ਪੌਦਾ ਜ਼ਰੂਰ ਲਗਾਉਣਾ ਚਾਹੀਦਾ ਹੈ।

ਰਾਣਾ, ਅਰਵਿੰਦ ਰਾਣਾ, ਨਿਰਮਲ ਧੀਮਾਨ, ਕੇਸ਼ਵ ਧੀਮਾਨ, ਰੋਹਿਤ ਧੀਮਾਨ, ਵਿਨੋਦ ਸ਼ਰਮਾ, ਬੀਰਬਲ ਸਿੰਘ, ਕਰਮ ਚੰਦ, ਸੁਭਾਸ਼ ਚੰਦਰ, ਰੋਹਿਤ ਧੀਮਾਨ, ਕਮਲ ਕੁਮਾਰ, ਅਸ਼ੋਕ ਧੀਮਾਨ, ਅੰਸ਼ੁਲ ਸ਼ਰਮਾ, ਸਮੀਰ ਸ਼ਰਮਾ, ਮਨਜਿੰਦਰ ਸਿੰਘ, ਸਨੀ ਕੁਮਾਰ, ਰੋਹਨ ਧੀਮਾਨ, ਸਮਿਤ, ਨਵਜੋਤ ਧੀਮਾਨ, ਸੁਭਾਸ਼ ਚੰਦ, ਅਮੁਤ ਰਾਣਾ, ਸੋਨੀ ਰਾਣਾ ਅਤੇ ਹੋਰ ਹਾਜ਼ਰ ਸਨ।

ਇਸ ਮੌਕੇ ਆਗੂਆਂ ਨੇ ਕਿਹਾ ਕਿ ਹਰੇਕ ਵਿਅਕਤੀ ਨੂੰ ਸਾਲ ਵਿੱਚ ਘੱਟੋ-ਘੱਟ ਇੱਕ ਪੌਦਾ ਜ਼ਰੂਰ ਲਗਾਉਣਾ ਚਾਹੀਦਾ ਹੈ।

ਸੂਰਜ ਦੇਵ ਆਪਣੇ ਪੁੱਤਰ ਸ਼ਨੀ ਨੂੰ ਮਿਲਣ ਉਨ੍ਹਾਂ ਦੇ ਘਰ ਜਾਂਦੇ ਹਨ। ਇਸ ਮੌਕੇ ਰਮਾਕਾਂਤ ਭਨੋਟ, ਸੰਜੀਵ ਪਵਨ ਕੁਮਾਰ, ਹੈਪੀ, ਅਭੀਸ਼ੇਕ, ਮੰਦਰ ਵਿੱਚ ਸਫਾਈ ਕੀਤੀ ਅਤੇ ਪੌਦੇ ਲਗਾਏ।

ਮਕਰ ਸੰਕਰਾਂਤੀ ਦੇ ਸ਼ੁਭ ਮੌਕੇ ’ਤੇ ਸਮਾਜ ਸੇਵੀ ਸੰਸਥਾ ਵੱਲੋਂ ਵੱਖ-ਵੱਖ ਥਾਵਾਂ ’ਤੇ ਪੌਦੇ ਲਗਾਏ ਗਏ ਅਤੇ ਵਾਤਾਵਰਣ ਸੰਭਾਲ ਦਾ ਸੁਨੇਹਾ ਦਿੱਤਾ ਗਿਆ।

ਰਾਣਾ, ਅਰਵਿੰਦ ਰਾਣਾ, ਨਿਰਮਲ ਧੀਮਾਨ, ਕੇਸ਼ਵ ਧੀਮਾਨ, ਰੋਹਿਤ ਧੀਮਾਨ, ਵਿਨੋਦ ਸ਼ਰਮਾ, ਬੀਰਬਲ ਸਿੰਘ, ਕਰਮ ਚੰਦ, ਸੁਭਾਸ਼ ਚੰਦਰ, ਰੋਹਿਤ ਧੀਮਾਨ, ਕਮਲ ਕੁਮਾਰ, ਅਸ਼ੋਕ ਧੀਮਾਨ, ਅੰਸ਼ੁਲ ਸ਼ਰਮਾ, ਸਮੀਰ ਸ਼ਰਮਾ, ਮਨਜਿੰਦਰ ਸਿੰਘ, ਸਨੀ ਕੁਮਾਰ, ਰੋਹਨ ਧੀਮਾਨ, ਸਮਿਤ, ਨਵਜੋਤ ਧੀਮਾਨ, ਸੁਭਾਸ਼ ਚੰਦ, ਅਮੁਤ ਰਾਣਾ, ਸੋਨੀ ਰਾਣਾ ਅਤੇ ਹੋਰ ਹਾਜ਼ਰ ਸਨ।

ਮਿੰਨੀ ਪੱਤ੍ਰਿਕਾ ‘ਅਣੂ’ ਦਾ ਮਾਰਚ 2026 ਅੰਕ ਲੋਕ ਅਰਪਣ
ਮੋਹਾਲੀ, 15 ਜਨਵਰੀ
(ਪੈਗ਼ਾਮ-ਏ-ਜਗਤ)

ਅਜੀਤ ਸਰਿੰਦ, ਚੰਡੀਗੜ੍ਹ ਮੋਹਾਲੀ ਵਿਖੇ ਮਿੰਨੀ ਪੱਤ੍ਰਿਕਾ ‘ਅਣੂ’ ਦਾ ਮਾਰਚ 2026 ਅੰਕ ਲੋਕ ਅਰਪਣ ਕੀਤਾ ਗਿਆ।

ਮਿੰਨੀ ਪੱਤ੍ਰਿਕਾ ਦਾ ਅੰਕ ਲੋਕ ਅਰਪਣ ਕਰਦੇ ਹੋਏ।

ਇਸ ਮੌਕੇ ਸੰਪਾਦਕ ਨੇ ਕਿਹਾ ਕਿ ਪੱਤ੍ਰਿਕਾ ਵਿੱਚ ਨਵੇਂ ਲੇਖਕਾਂ ਨੂੰ ਵਿਸ਼ੇਸ਼ ਥਾਂ ਦਿੱਤੀ ਗਈ ਹੈ ਅਤੇ ਕਈ ਮਿਆਰੀ ਰਚਨਾਵਾਂ ਸ਼ਾਮਲ ਕੀਤੀਆਂ ਗਈਆਂ ਹਨ।

ਲੇਖਕਾਂ ਨੇ ਮਿੰਨੀ ਕਹਾਣੀ ਦੇ ਖੇਤਰ ਵਿੱਚ ਪੱਤ੍ਰਿਕਾ ਦੇ ਯੋਗਦਾਨ ਦੀ ਸ਼ਲਾਘਾ ਕੀਤੀ।

ਸ਼ਾਮ ਸਿੰਘ ਜਿੱਲ, ਡਾ. ਹਰਬੰਸ ਸਿੰਘ ਧੀਮਾਨ, ਡਾ. ਹਰਜੀਤ ਸਿੰਘ, ਡਾ. ਗੁਰਮੇਲ ਸਿੰਘ, ਨਾਹਰ ਸਿੰਘ ਗਹੁਣੀਵਾਲ, ਮਦਨ ਵੀਰਾ, ਸ਼ਰਨਜੀਤ, ਕਰਮ ਸਿੰਘ ਵਕੀਲ, ਡਾ. ਸ਼ਿਆਮ ਸੁੰਦਰ ਦੀਪਤੀ, ਜਗਦੀਸ਼ ਰਾਏ ਕੁਲਰੀਆਂ, ਸ਼ਿਆਮ ਸੁੰਦਰ ਅਗਰਵਾਲ, ਕਰਨੈਲ ਸਿੰਘ ਸੋਮਲ, ਹਰਭਜਨ ਸਿੰਘ ਖੇਮਕਰਨੀ, ਸੁਰਿੰਦਰ ਕੈਲੇ ਅਤੇ ਬਹੁਤ ਸਾਰੇ ਲੇਖਕ ਹਾਜ਼ਰ ਸਨ।

ਲੇਖਕਾਂ ਨੇ ਮਿੰਨੀ ਕਹਾਣੀ ਦੇ ਖੇਤਰ ਵਿੱਚ ਪੱਤ੍ਰਿਕਾ ਦੇ ਯੋਗਦਾਨ ਦੀ ਸ਼ਲਾਘਾ ਕੀਤੀ।

ਅਜੀਤ ਸਰਿੰਦ, ਚੰਡੀਗੜ੍ਹ ਮੋਹਾਲੀ ਵਿਖੇ ਮਿੰਨੀ ਪੱਤ੍ਰਿਕਾ ‘ਅਣੂ’ ਦਾ ਮਾਰਚ 2026 ਅੰਕ ਲੋਕ ਅਰਪਣ ਕੀਤਾ ਗਿਆ।

ਇਸ ਮੌਕੇ ਸੰਪਾਦਕ ਨੇ ਕਿਹਾ ਕਿ ਪੱਤ੍ਰਿਕਾ ਵਿੱਚ ਨਵੇਂ ਲੇਖਕਾਂ ਨੂੰ ਵਿਸ਼ੇਸ਼ ਥਾਂ ਦਿੱਤੀ ਗਈ ਹੈ ਅਤੇ ਕਈ ਮਿਆਰੀ ਰਚਨਾਵਾਂ ਸ਼ਾਮਲ ਕੀਤੀਆਂ ਗਈਆਂ ਹਨ।

ਸ਼ਾਮ ਸਿੰਘ ਜਿੱਲ, ਡਾ. ਹਰਬੰਸ ਸਿੰਘ ਧੀਮਾਨ, ਡਾ. ਹਰਜੀਤ ਸਿੰਘ, ਡਾ. ਗੁਰਮੇਲ ਸਿੰਘ, ਨਾਹਰ ਸਿੰਘ ਗਹੁਣੀਵਾਲ, ਮਦਨ ਵੀਰਾ, ਸ਼ਰਨਜੀਤ, ਕਰਮ ਸਿੰਘ ਵਕੀਲ, ਡਾ. ਸ਼ਿਆਮ ਸੁੰਦਰ ਦੀਪਤੀ, ਜਗਦੀਸ਼ ਰਾਏ ਕੁਲਰੀਆਂ, ਸ਼ਿਆਮ ਸੁੰਦਰ ਅਗਰਵਾਲ, ਕਰਨੈਲ ਸਿੰਘ ਸੋਮਲ, ਹਰਭਜਨ ਸਿੰਘ ਖੇਮਕਰਨੀ, ਸੁਰਿੰਦਰ ਕੈਲੇ ਅਤੇ ਬਹੁਤ ਸਾਰੇ ਲੇਖਕ ਹਾਜ਼ਰ ਸਨ।

ਸਵਰਗੀ ਮਾਤਾ ਰਤਨ ਕੌਰ ਜੀ ਦਾ ਅੰਤਿਮ ਅਰਦਾਸ ਤੇ ਸ਼ਰਧਾਂਜਲੀ ਸਮਾਗਮ 16 ਜਨਵਰੀ ਨੂੰ 12 ਤੋਂ 2 ਵਜੇ ਤੱਕ ਹੋਵੇਗਾ
ਪੈਗ਼ਾਮ-ਏ-ਜਗਤ
ਹੁਸ਼ਿਆਰਪੁਰ (ਦਲਜੀਤ ਅਜਨੌਹਾ)

ਸਵਰਗੀ ਮਾਤਾ ਰਤਨ ਕੌਰ ਜੀ ਦੀ ਅੰਤਿਮ ਅਰਦਾਸ ਤੇ ਸ਼ਰਧਾਂਜਲੀ ਸਮਾਗਮ 16 ਜਨਵਰੀ ਦਿਨ ਸ਼ੁੱਕਰਵਾਰ ਨੂੰ ਦੁਪਹਿਰ 12 ਵਜੇ ਤੋਂ 2 ਵਜੇ ਤੱਕ ਹੋਵੇਗਾ।

ਪਰਿਵਾਰ ਵੱਲੋਂ ਸਮੂਹ ਰਿਸ਼ਤੇਦਾਰਾਂ ਅਤੇ ਸਨੇਹੀਆਂ ਨੂੰ ਸ਼ਾਮਲ ਹੋਣ ਦੀ ਬੇਨਤੀ ਕੀਤੀ ਗਈ ਹੈ।

ਬਲੌਂਗੀ ਵਿੱਚ ਵੱਧਦੇ ਨਾਜਾਇਜ਼ ਕਬਜ਼ਿਆਂ ਤੇ ਕਾਬੂ ਕਰਨ ਦੀ ਮੰਗ
ਬਲੌਂਗੀ, 15 ਜਨਵਰੀ
(ਪੈਗ਼ਾਮ-ਏ-ਜਗਤ)

ਬਲੌਂਗੀ ਖੇਤਰ ਵਿੱਚ ਸ਼ਾਮਲਾਟ ਜ਼ਮੀਨ ਉੱਤੇ ਲਗਾਤਾਰ ਵੱਧ ਰਹੇ ਨਾਜਾਇਜ਼ ਕਬਜ਼ਿਆਂ ਨੂੰ ਲੈ ਕੇ ਇਲਾਕਾ ਨਿਵਾਸੀਆਂ ਨੇ ਚਿੰਤਾ ਪ੍ਰਗਟ ਕੀਤੀ ਹੈ।

ਕੁਲਬੰਤ ਸਿੰਘ ਦੇ ਧਿਆਨ ਵਿੱਚ ਲਿਆਂਦਾ ਗਿਆ ਸੀ, ਜਿਸ ਤੋਂ ਬਾਅਦ ਕਾਰਵਾਈ ਕਰਦਿਆਂ ਉਕਤ ਨਾਜਾਇਜ਼ ਕਬਜ਼ਿਆਂ ਨੂੰ ਹਟਾਉਣ ਦੀ ਪ੍ਰਕਿਰਿਆ ਸ਼ੁਰੂ ਕੀਤੀ ਗਈ ਹੈ।

ਉਹਨਾਂ ਮੰਗ ਕੀਤੀ ਕਿ ਪ੍ਰਸ਼ਾਸਨ ਇਸ ਮਾਮਲੇ ਵਿੱਚ ਸਖ਼ਤ ਕਾਰਵਾਈ ਕਰੇ ਤਾਂ ਜੋ ਸਰਕਾਰੀ ਜ਼ਮੀਨ ਸੁਰੱਖਿਅਤ ਰਹਿ ਸਕੇ।

‘ਪੈਗ਼ਾਮ-ਏ-ਜਗਤ‘ ’ਚ ਪ੍ਰਕਾਸ਼ਿਤ ਸਮੱਗਰੀ ਅਤੇ ਹੋਰ ਵਾਦ-ਵਿਵਾਦ ਸੰਬੰਧੀ ਕੇਸਾਂ ਦਾ ਨਿਪਟਾਰਾ ਸਿਰਫ਼ ਮੁਹਾਲੀ (ਚੰਡੀਗੜ੍ਹ) ਕੋਰਟ ਵਿੱਚ ਹੀ ਹੋਵੇਗਾ। ਲੇਖਕਾਂ ਦੀ ਰਾਏ ਨਾਲ ਸੰਪਾਦਕ ਦਾ ਸਹਿਮਤ ਹੋਣਾ ਜ਼ਰੂਰੀ ਨਹੀਂ। -ਸੰਪਾਦਕ, ਪੈਗ਼ਾਮ-ਏ-ਜਗਤ
